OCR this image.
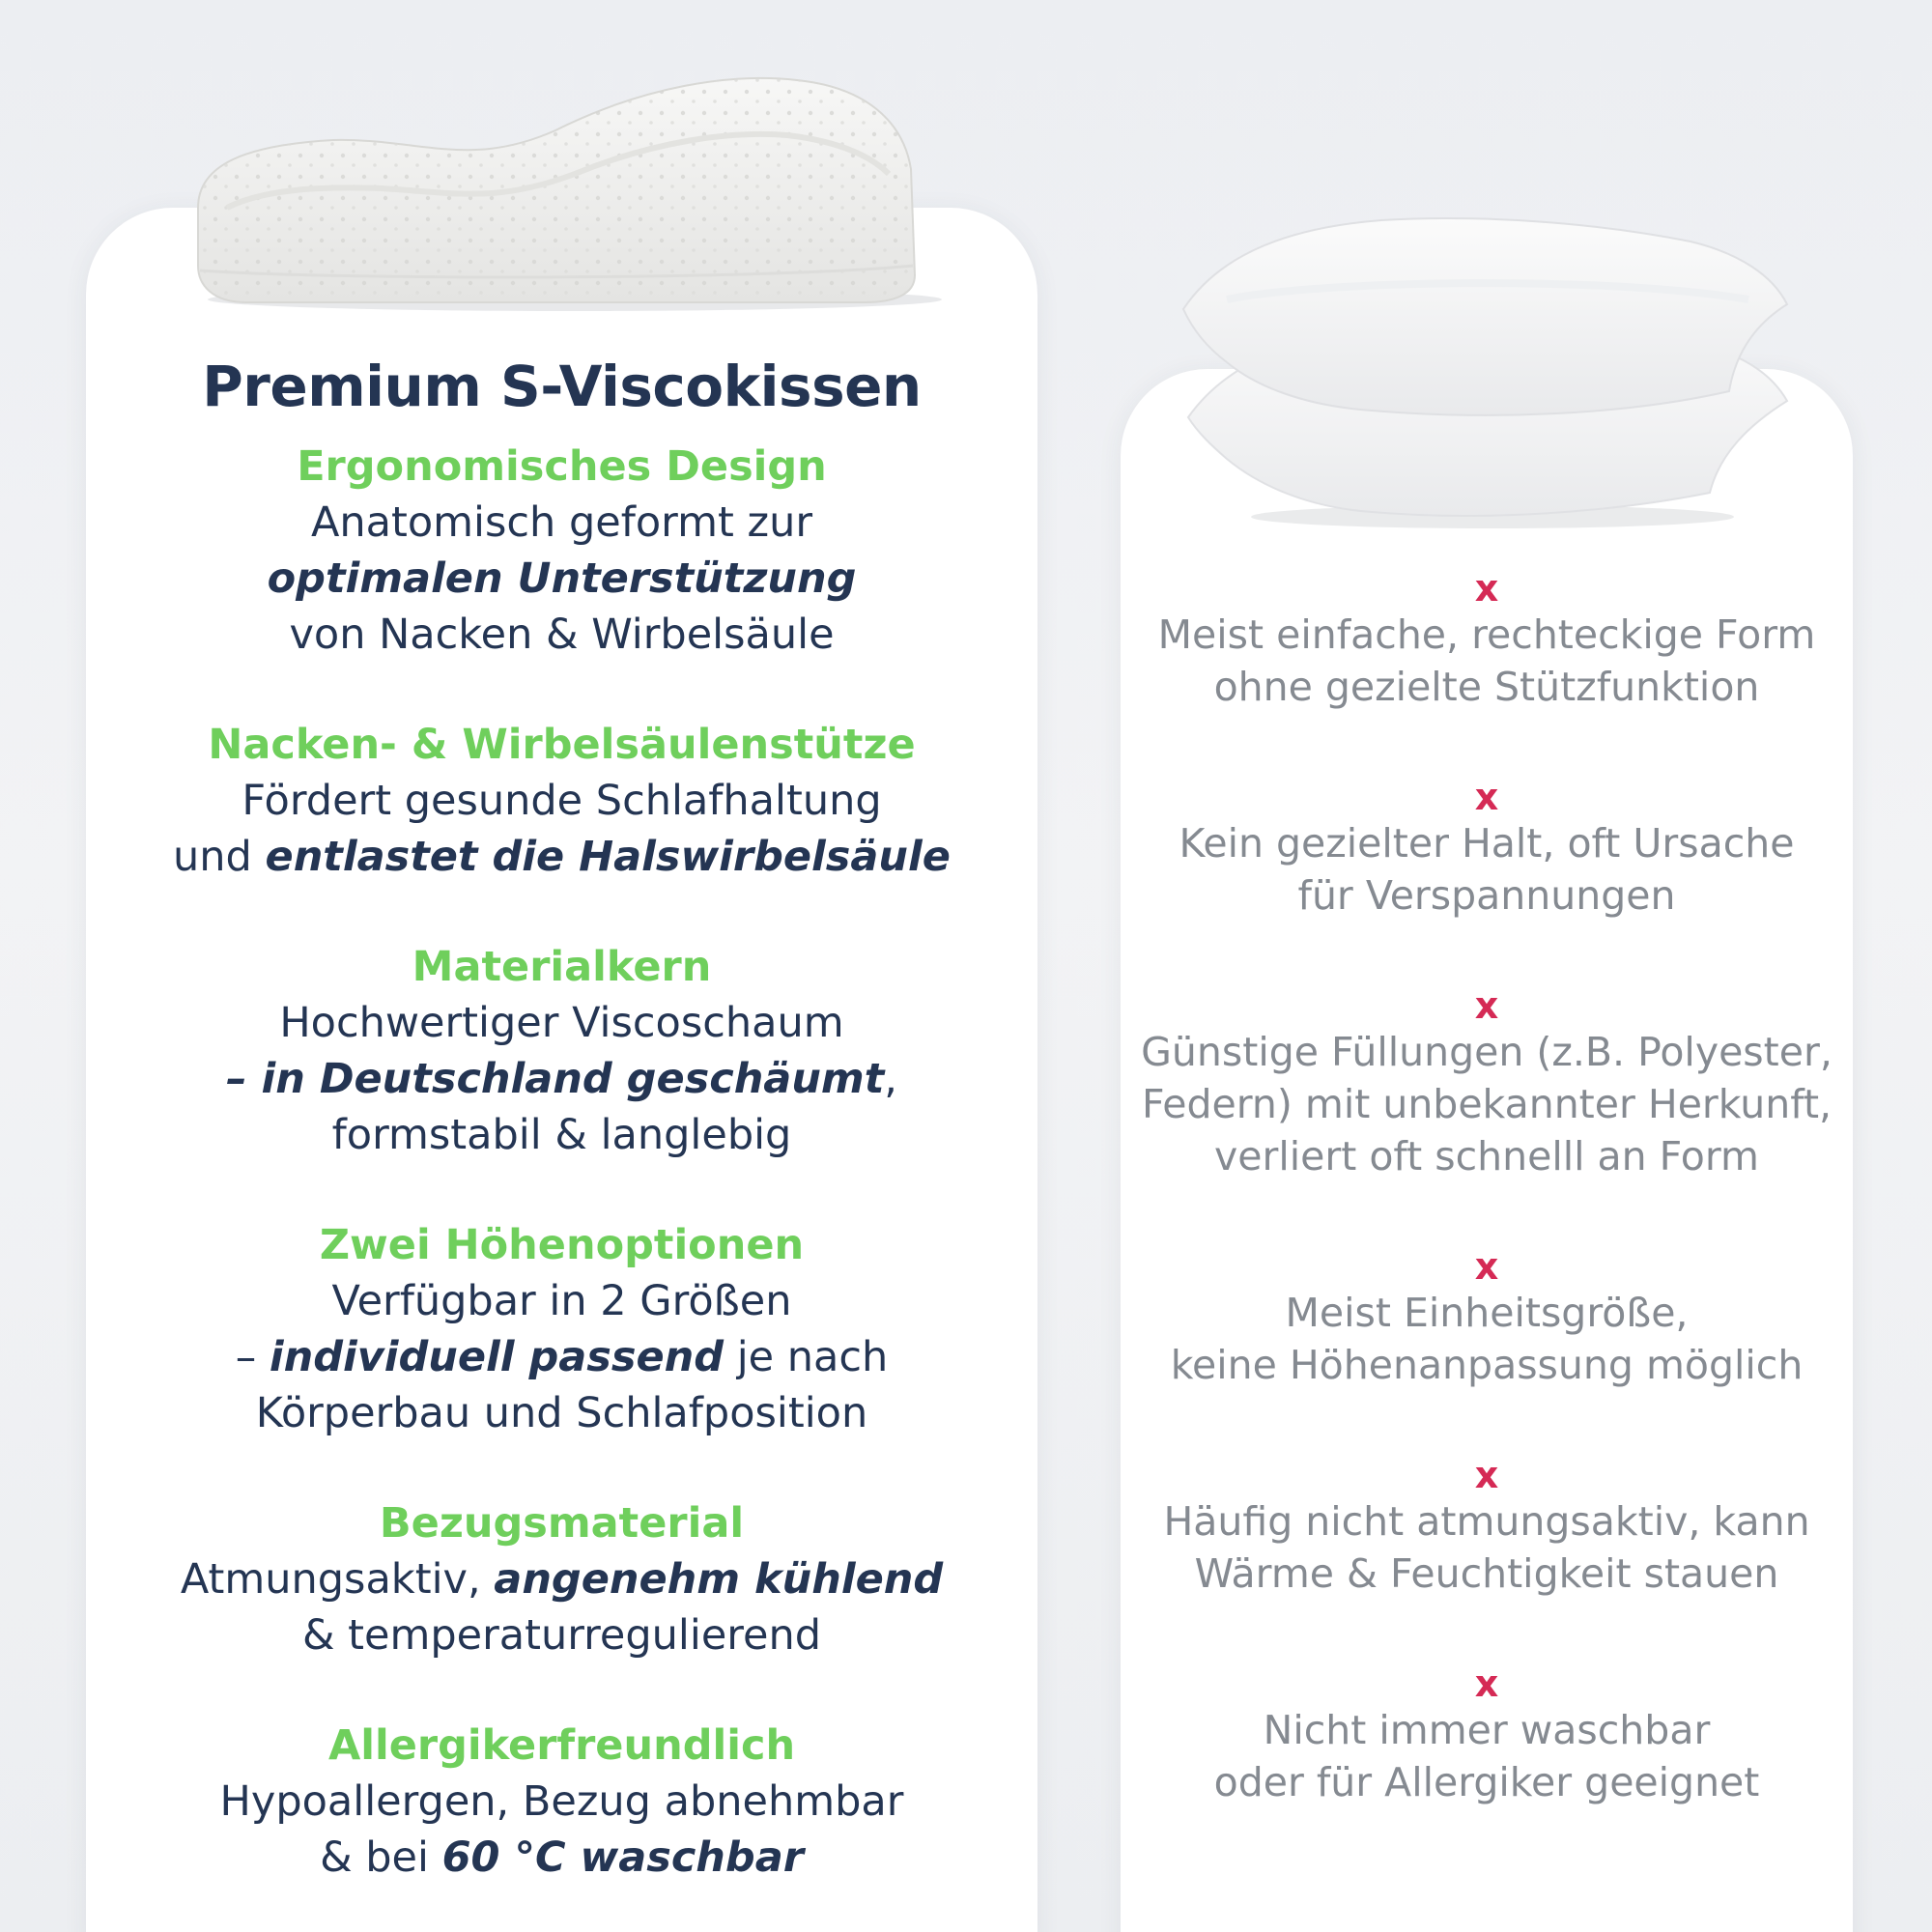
Premium S-Viscokissen
Ergonomisches Design
Anatomisch geformt zur
optimalen Unterstützung
von Nacken & Wirbelsäule
Nacken- & Wirbelsäulenstütze
Fördert gesunde Schlafhaltung
und entlastet die Halswirbelsäule
Materialkern
Hochwertiger Viscoschaum
– in Deutschland geschäumt,
formstabil & langlebig
Zwei Höhenoptionen
Verfügbar in 2 Größen
– individuell passend je nach
Körperbau und Schlafposition
Bezugsmaterial
Atmungsaktiv, angenehm kühlend
& temperaturregulierend
Allergikerfreundlich
Hypoallergen, Bezug abnehmbar
& bei 60 °C waschbar
x
Meist einfache, rechteckige Form
ohne gezielte Stützfunktion
x
Kein gezielter Halt, oft Ursache
für Verspannungen
x
Günstige Füllungen (z.B. Polyester,
Federn) mit unbekannter Herkunft,
verliert oft schnelll an Form
x
Meist Einheitsgröße,
keine Höhenanpassung möglich
x
Häufig nicht atmungsaktiv, kann
Wärme & Feuchtigkeit stauen
x
Nicht immer waschbar
oder für Allergiker geeignet
